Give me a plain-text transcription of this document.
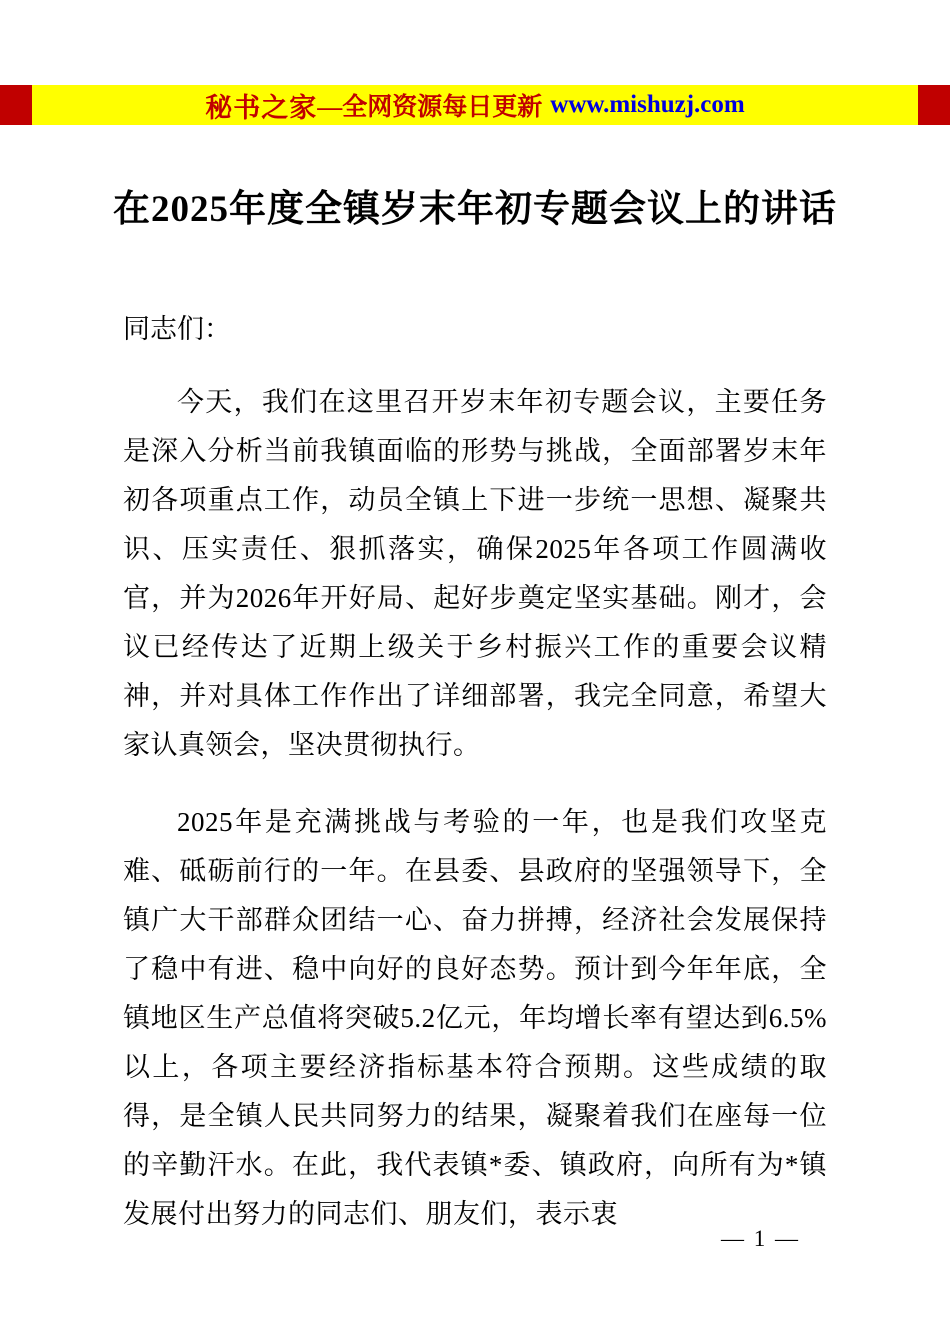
秘书之家 —全网资源每日更新 www.mishuzj.com
在2025年度全镇岁末年初专题会议上的讲话

同志们：

今天，我们在这里召开岁末年初专题会议，主要任务是深入分析当前我镇面临的形势与挑战，全面部署岁末年初各项重点工作，动员全镇上下进一步统一思想、凝聚共识、压实责任、狠抓落实，确保2025年各项工作圆满收官，并为2026年开好局、起好步奠定坚实基础。刚才，会议已经传达了近期上级关于乡村振兴工作的重要会议精神，并对具体工作作出了详细部署，我完全同意，希望大家认真领会，坚决贯彻执行。

2025年是充满挑战与考验的一年，也是我们攻坚克难、砥砺前行的一年。在县委、县政府的坚强领导下，全镇广大干部群众团结一心、奋力拼搏，经济社会发展保持了稳中有进、稳中向好的良好态势。预计到今年年底，全镇地区生产总值将突破5.2亿元，年均增长率有望达到6.5%以上，各项主要经济指标基本符合预期。这些成绩的取得，是全镇人民共同努力的结果，凝聚着我们在座每一位的辛勤汗水。在此，我代表镇*委、镇政府，向所有为*镇发展付出努力的同志们、朋友们，表示衷

— 1 —
